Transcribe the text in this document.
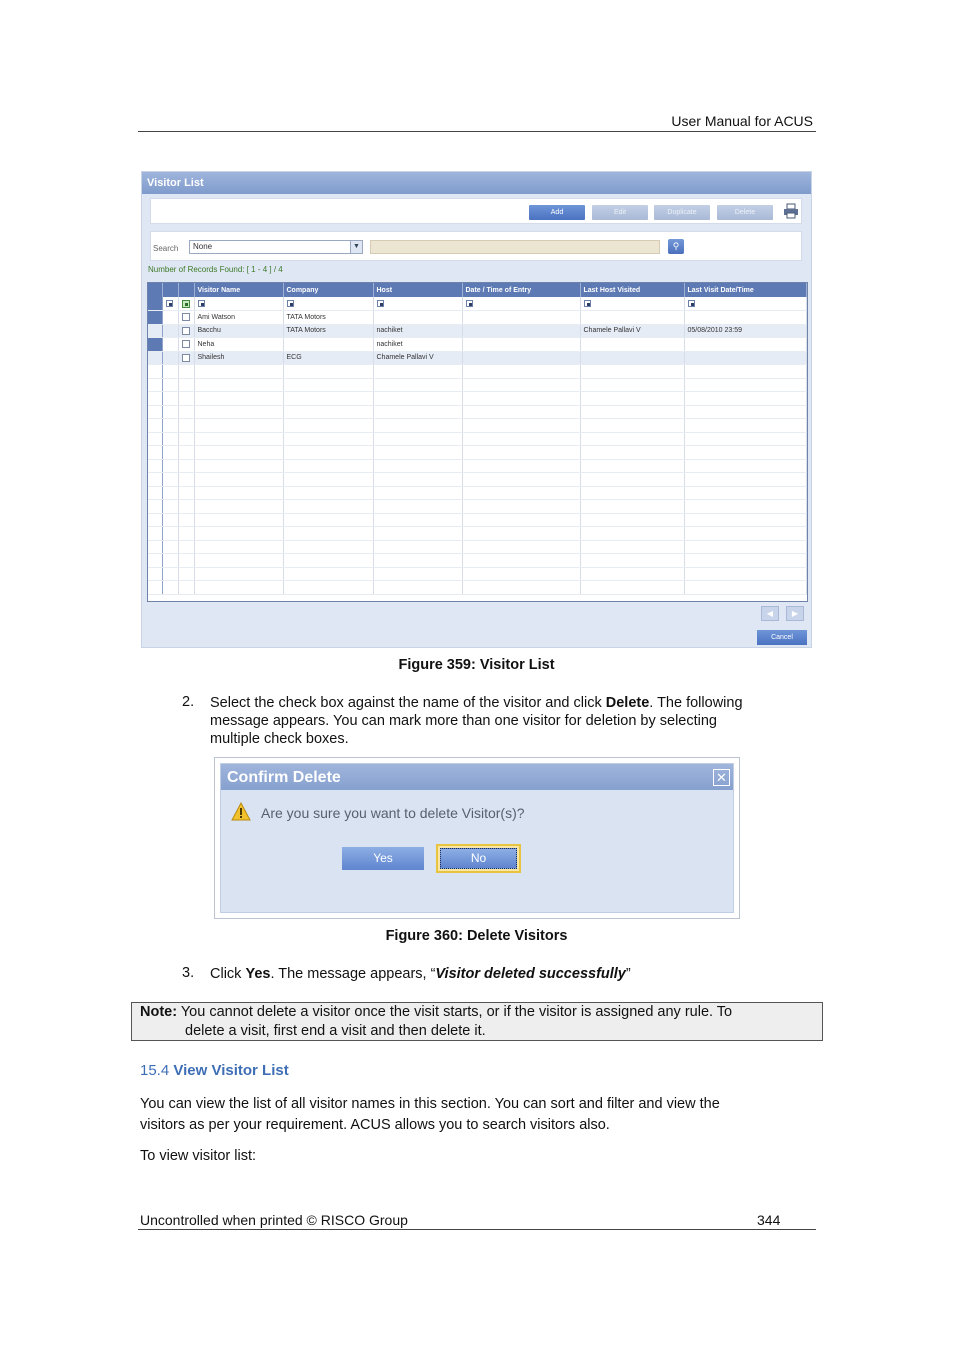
User Manual for ACUS
Visitor List
Add	Edit	Duplicate	Delete
Search	None	▼	⚲
Number of Records Found: [ 1 - 4 ] / 4
			Visitor Name	Company	Host	Date / Time of Entry	Last Host Visited	Last Visit Date/Time

			Ami Watson	TATA Motors				
			Bacchu	TATA Motors	nachiket		Chamele Pallavi V	05/08/2010 23:59
			Neha		nachiket			
			Shailesh	ECG	Chamele Pallavi V			

◀	▶
Cancel
Figure 359: Visitor List
2. Select the check box against the name of the visitor and click Delete. The following
message appears. You can mark more than one visitor for deletion by selecting
multiple check boxes.
Confirm Delete	✕
Are you sure you want to delete Visitor(s)?
Yes	No
Figure 360: Delete Visitors
3. Click Yes. The message appears, “Visitor deleted successfully”
Note: You cannot delete a visitor once the visit starts, or if the visitor is assigned any rule. To
delete a visit, first end a visit and then delete it.
15.4 View Visitor List
You can view the list of all visitor names in this section. You can sort and filter and view the
visitors as per your requirement. ACUS allows you to search visitors also.
To view visitor list:
Uncontrolled when printed © RISCO Group	344
